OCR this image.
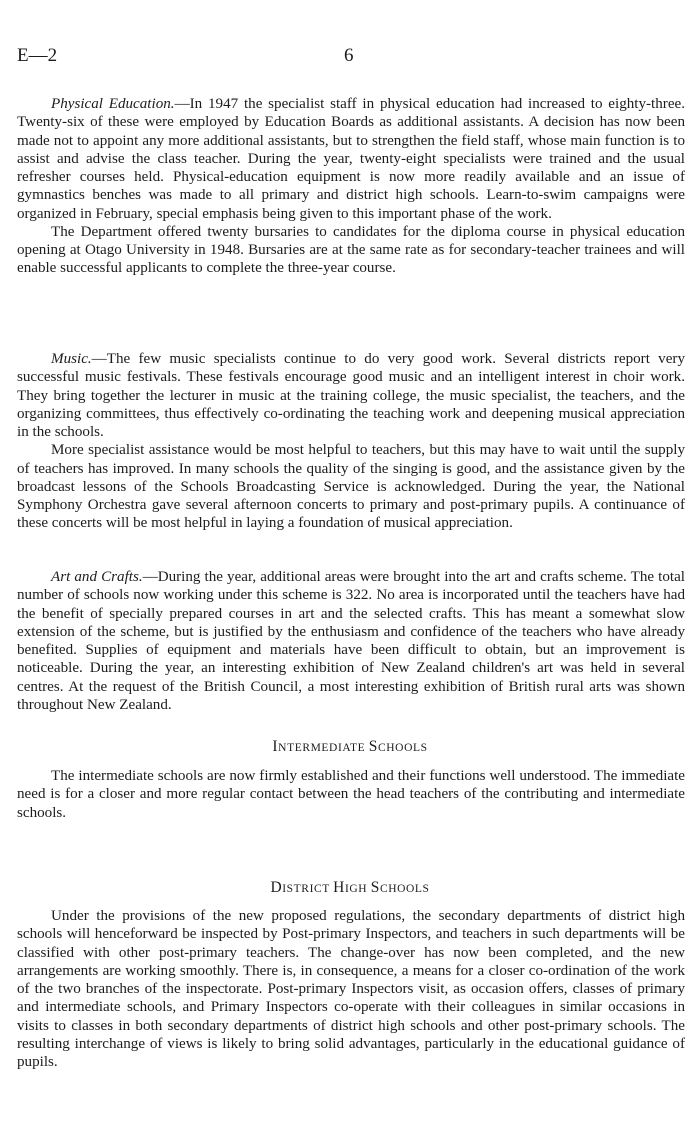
E—2	6

Physical Education.—In 1947 the specialist staff in physical education had increased to eighty-three. Twenty-six of these were employed by Education Boards as additional assistants. A decision has now been made not to appoint any more additional assistants, but to strengthen the field staff, whose main function is to assist and advise the class teacher. During the year, twenty-eight specialists were trained and the usual refresher courses held. Physical-education equipment is now more readily available and an issue of gymnastics benches was made to all primary and district high schools. Learn-to-swim campaigns were organized in February, special emphasis being given to this important phase of the work.

The Department offered twenty bursaries to candidates for the diploma course in physical education opening at Otago University in 1948. Bursaries are at the same rate as for secondary-teacher trainees and will enable successful applicants to complete the three-year course.

Music.—The few music specialists continue to do very good work. Several districts report very successful music festivals. These festivals encourage good music and an intelligent interest in choir work. They bring together the lecturer in music at the training college, the music specialist, the teachers, and the organizing committees, thus effectively co-ordinating the teaching work and deepening musical appreciation in the schools.

More specialist assistance would be most helpful to teachers, but this may have to wait until the supply of teachers has improved. In many schools the quality of the singing is good, and the assistance given by the broadcast lessons of the Schools Broadcasting Service is acknowledged. During the year, the National Symphony Orchestra gave several afternoon concerts to primary and post-primary pupils. A continuance of these concerts will be most helpful in laying a foundation of musical appreciation.

Art and Crafts.—During the year, additional areas were brought into the art and crafts scheme. The total number of schools now working under this scheme is 322. No area is incorporated until the teachers have had the benefit of specially prepared courses in art and the selected crafts. This has meant a somewhat slow extension of the scheme, but is justified by the enthusiasm and confidence of the teachers who have already benefited. Supplies of equipment and materials have been difficult to obtain, but an improvement is noticeable. During the year, an interesting exhibition of New Zealand children's art was held in several centres. At the request of the British Council, a most interesting exhibition of British rural arts was shown throughout New Zealand.

INTERMEDIATE SCHOOLS

The intermediate schools are now firmly established and their functions well understood. The immediate need is for a closer and more regular contact between the head teachers of the contributing and intermediate schools.

DISTRICT HIGH SCHOOLS

Under the provisions of the new proposed regulations, the secondary departments of district high schools will henceforward be inspected by Post-primary Inspectors, and teachers in such departments will be classified with other post-primary teachers. The change-over has now been completed, and the new arrangements are working smoothly. There is, in consequence, a means for a closer co-ordination of the work of the two branches of the inspectorate. Post-primary Inspectors visit, as occasion offers, classes of primary and intermediate schools, and Primary Inspectors co-operate with their colleagues in similar occasions in visits to classes in both secondary departments of district high schools and other post-primary schools. The resulting interchange of views is likely to bring solid advantages, particularly in the educational guidance of pupils.
